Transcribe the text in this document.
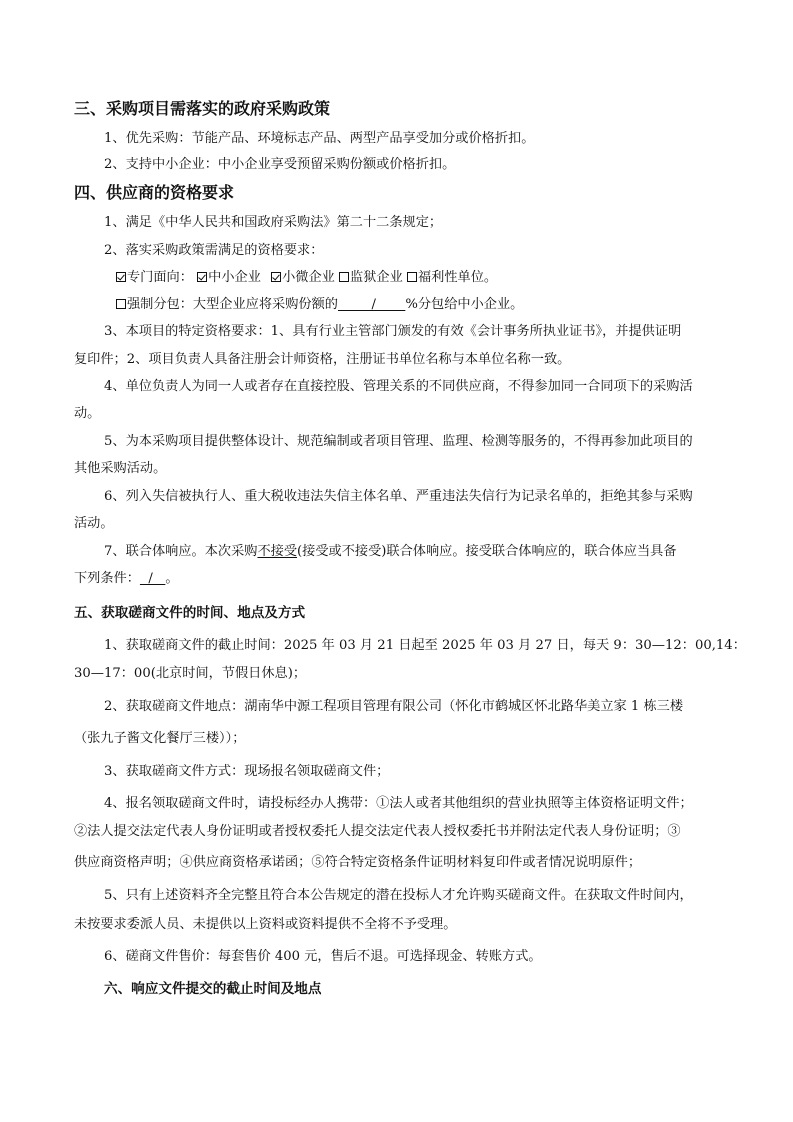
三、采购项目需落实的政府采购政策
1、优先采购：节能产品、环境标志产品、两型产品享受加分或价格折扣。
2、支持中小企业：中小企业享受预留采购份额或价格折扣。
四、供应商的资格要求
1、满足《中华人民共和国政府采购法》第二十二条规定；
2、落实采购政策需满足的资格要求：
专门面向： 中小企业 小微企业 监狱企业 福利性单位。
强制分包：大型企业应将采购份额的        /       %分包给中小企业。
3、本项目的特定资格要求：1、具有行业主管部门颁发的有效《会计事务所执业证书》，并提供证明
复印件；2、项目负责人具备注册会计师资格，注册证书单位名称与本单位名称一致。
4、单位负责人为同一人或者存在直接控股、管理关系的不同供应商，不得参加同一合同项下的采购活
动。
5、为本采购项目提供整体设计、规范编制或者项目管理、监理、检测等服务的，不得再参加此项目的
其他采购活动。
6、列入失信被执行人、重大税收违法失信主体名单、严重违法失信行为记录名单的，拒绝其参与采购
活动。
7、联合体响应。本次采购不接受(接受或不接受)联合体响应。接受联合体响应的，联合体应当具备
下列条件：  /   。
五、获取磋商文件的时间、地点及方式
1、获取磋商文件的截止时间：2025 年 03 月 21 日起至 2025 年 03 月 27 日，每天 9：30—12：00,14：
30—17：00(北京时间，节假日休息)；
2、获取磋商文件地点：湖南华中源工程项目管理有限公司（怀化市鹤城区怀北路华美立家 1 栋三楼
（张九子酱文化餐厅三楼））；
3、获取磋商文件方式：现场报名领取磋商文件；
4、报名领取磋商文件时，请投标经办人携带：①法人或者其他组织的营业执照等主体资格证明文件；
②法人提交法定代表人身份证明或者授权委托人提交法定代表人授权委托书并附法定代表人身份证明；③
供应商资格声明；④供应商资格承诺函；⑤符合特定资格条件证明材料复印件或者情况说明原件；
5、只有上述资料齐全完整且符合本公告规定的潜在投标人才允许购买磋商文件。在获取文件时间内，
未按要求委派人员、未提供以上资料或资料提供不全将不予受理。
6、磋商文件售价：每套售价 400 元，售后不退。可选择现金、转账方式。
六、响应文件提交的截止时间及地点
